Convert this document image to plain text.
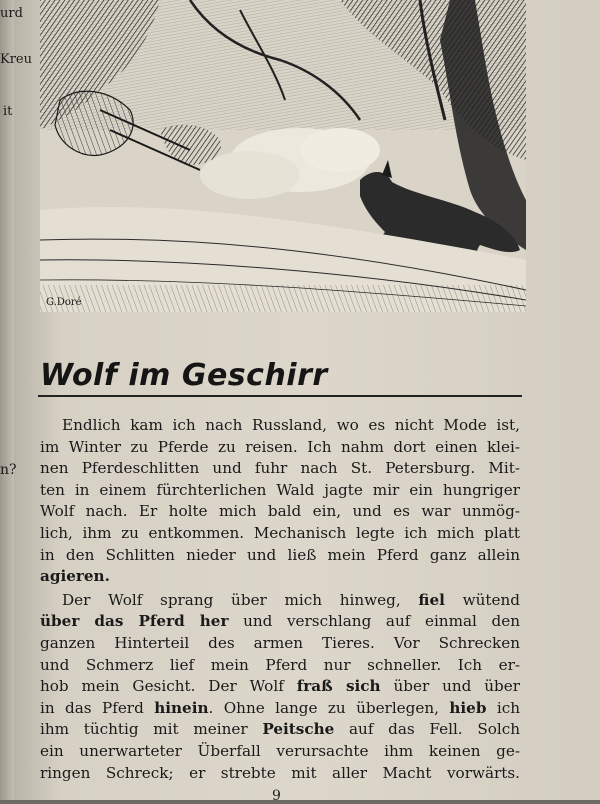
urd
Kreu
it
n?
G.Doré
Wolf im Geschirr

Endlich kam ich nach Russland, wo es nicht Mode ist,
im Winter zu Pferde zu reisen. Ich nahm dort einen klei-
nen Pferdeschlitten und fuhr nach St. Petersburg. Mit-
ten in einem fürchterlichen Wald jagte mir ein hungriger
Wolf nach. Er holte mich bald ein, und es war unmög-
lich, ihm zu entkommen. Mechanisch legte ich mich platt
in den Schlitten nieder und ließ mein Pferd ganz allein
agieren.

Der Wolf sprang über mich hinweg, fiel wütend
über das Pferd her und verschlang auf einmal den
ganzen Hinterteil des armen Tieres. Vor Schrecken
und Schmerz lief mein Pferd nur schneller. Ich er-
hob mein Gesicht. Der Wolf fraß sich über und über
in das Pferd hinein. Ohne lange zu überlegen, hieb ich
ihm tüchtig mit meiner Peitsche auf das Fell. Solch
ein unerwarteter Überfall verursachte ihm keinen ge-
ringen Schreck; er strebte mit aller Macht vorwärts.

9
